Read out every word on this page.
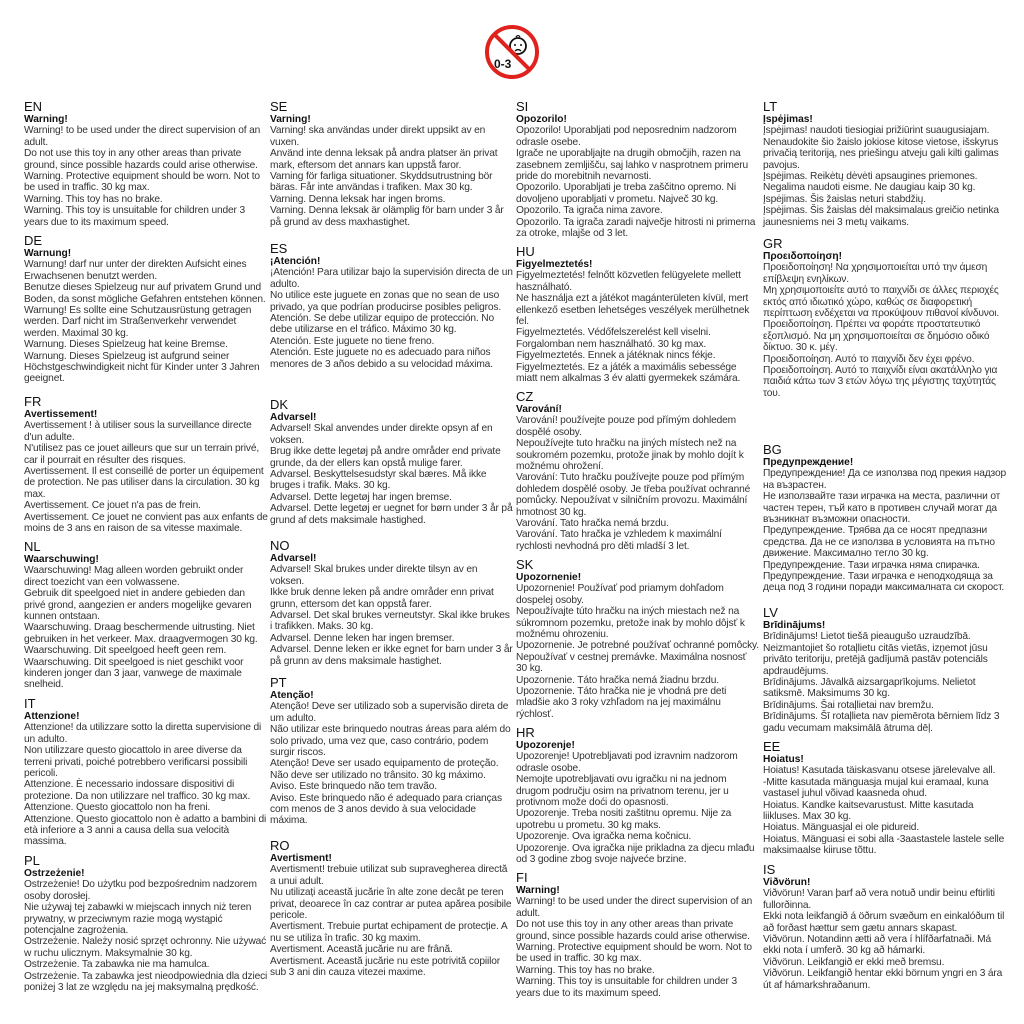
0-3
EN
Warning!

Warning! to be used under the direct supervision of an adult.

Do not use this toy in any other areas than private ground, since possible hazards could arise otherwise.

Warning. Protective equipment should be worn. Not to be used in traffic. 30 kg max.

Warning. This toy has no brake.

Warning. This toy is unsuitable for children under 3 years due to its maximum speed.

DE
Warnung!

Warnung! darf nur unter der direkten Aufsicht eines Erwachsenen benutzt werden.

Benutze dieses Spielzeug nur auf privatem Grund und Boden, da sonst mögliche Gefahren entstehen können.

Warnung! Es sollte eine Schutzausrüstung getragen werden. Darf nicht im Straßenverkehr verwendet werden. Maximal 30 kg.

Warnung. Dieses Spielzeug hat keine Bremse.

Warnung. Dieses Spielzeug ist aufgrund seiner Höchstgeschwindigkeit nicht für Kinder unter 3 Jahren geeignet.

FR
Avertissement!

Avertissement ! à utiliser sous la surveillance directe d'un adulte.

N'utilisez pas ce jouet ailleurs que sur un terrain privé, car il pourrait en résulter des risques.

Avertissement. Il est conseillé de porter un équipement de protection. Ne pas utiliser dans la circulation. 30 kg max.

Avertissement. Ce jouet n'a pas de frein.

Avertissement. Ce jouet ne convient pas aux enfants de moins de 3 ans en raison de sa vitesse maximale.

NL
Waarschuwing!

Waarschuwing! Mag alleen worden gebruikt onder direct toezicht van een volwassene.

Gebruik dit speelgoed niet in andere gebieden dan privé grond, aangezien er anders mogelijke gevaren kunnen ontstaan.

Waarschuwing. Draag beschermende uitrusting. Niet gebruiken in het verkeer. Max. draagvermogen 30 kg.

Waarschuwing. Dit speelgoed heeft geen rem.

Waarschuwing. Dit speelgoed is niet geschikt voor kinderen jonger dan 3 jaar, vanwege de maximale snelheid.

IT
Attenzione!

Attenzione! da utilizzare sotto la diretta supervisione di un adulto.

Non utilizzare questo giocattolo in aree diverse da terreni privati, poiché potrebbero verificarsi possibili pericoli.

Attenzione. È necessario indossare dispositivi di protezione. Da non utilizzare nel traffico. 30 kg max.

Attenzione. Questo giocattolo non ha freni.

Attenzione. Questo giocattolo non è adatto a bambini di età inferiore a 3 anni a causa della sua velocità massima.

PL
Ostrzeżenie!

Ostrzeżenie! Do użytku pod bezpośrednim nadzorem osoby dorosłej.

Nie używaj tej zabawki w miejscach innych niż teren prywatny, w przeciwnym razie mogą wystąpić potencjalne zagrożenia.

Ostrzeżenie. Należy nosić sprzęt ochronny. Nie używać w ruchu ulicznym. Maksymalnie 30 kg.

Ostrzeżenie. Ta zabawka nie ma hamulca.

Ostrzeżenie. Ta zabawka jest nieodpowiednia dla dzieci poniżej 3 lat ze względu na jej maksymalną prędkość.

SE
Varning!

Varning! ska användas under direkt uppsikt av en vuxen.

Använd inte denna leksak på andra platser än privat mark, eftersom det annars kan uppstå faror.

Varning för farliga situationer. Skyddsutrustning bör bäras. Får inte användas i trafiken. Max 30 kg.

Varning. Denna leksak har ingen broms.

Varning. Denna leksak är olämplig för barn under 3 år på grund av dess maxhastighet.

ES
¡Atención!

¡Atención! Para utilizar bajo la supervisión directa de un adulto.

No utilice este juguete en zonas que no sean de uso privado, ya que podrían producirse posibles peligros.

Atención. Se debe utilizar equipo de protección. No debe utilizarse en el tráfico. Máximo 30 kg.

Atención. Este juguete no tiene freno.

Atención. Este juguete no es adecuado para niños menores de 3 años debido a su velocidad máxima.

DK
Advarsel!

Advarsel! Skal anvendes under direkte opsyn af en voksen.

Brug ikke dette legetøj på andre områder end private grunde, da der ellers kan opstå mulige farer.

Advarsel. Beskyttelsesudstyr skal bæres. Må ikke bruges i trafik. Maks. 30 kg.

Advarsel. Dette legetøj har ingen bremse.

Advarsel. Dette legetøj er uegnet for børn under 3 år på grund af dets maksimale hastighed.

NO
Advarsel!

Advarsel! Skal brukes under direkte tilsyn av en voksen.

Ikke bruk denne leken på andre områder enn privat grunn, ettersom det kan oppstå farer.

Advarsel. Det skal brukes verneutstyr. Skal ikke brukes i trafikken. Maks. 30 kg.

Advarsel. Denne leken har ingen bremser.

Advarsel. Denne leken er ikke egnet for barn under 3 år på grunn av dens maksimale hastighet.

PT
Atenção!

Atenção! Deve ser utilizado sob a supervisão direta de um adulto.

Não utilizar este brinquedo noutras áreas para além do solo privado, uma vez que, caso contrário, podem surgir riscos.

Atenção! Deve ser usado equipamento de proteção. Não deve ser utilizado no trânsito. 30 kg máximo.

Aviso. Este brinquedo não tem travão.

Aviso. Este brinquedo não é adequado para crianças com menos de 3 anos devido à sua velocidade máxima.

RO
Avertisment!

Avertisment! trebuie utilizat sub supravegherea directă a unui adult.

Nu utilizați această jucărie în alte zone decât pe teren privat, deoarece în caz contrar ar putea apărea posibile pericole.

Avertisment. Trebuie purtat echipament de protecție. A nu se utiliza în trafic. 30 kg maxim.

Avertisment. Această jucărie nu are frână.

Avertisment. Această jucărie nu este potrivită copiilor sub 3 ani din cauza vitezei maxime.

SI
Opozorilo!

Opozorilo! Uporabljati pod neposrednim nadzorom odrasle osebe.

Igrače ne uporabljajte na drugih območjih, razen na zasebnem zemljišču, saj lahko v nasprotnem primeru pride do morebitnih nevarnosti.

Opozorilo. Uporabljati je treba zaščitno opremo. Ni dovoljeno uporabljati v prometu. Največ 30 kg.

Opozorilo. Ta igrača nima zavore.

Opozorilo. Ta igrača zaradi največje hitrosti ni primerna za otroke, mlajše od 3 let.

HU
Figyelmeztetés!

Figyelmeztetés! felnőtt közvetlen felügyelete mellett használható.

Ne használja ezt a játékot magánterületen kívül, mert ellenkező esetben lehetséges veszélyek merülhetnek fel.

Figyelmeztetés. Védőfelszerelést kell viselni. Forgalomban nem használható. 30 kg max.

Figyelmeztetés. Ennek a játéknak nincs fékje.

Figyelmeztetés. Ez a játék a maximális sebessége miatt nem alkalmas 3 év alatti gyermekek számára.

CZ
Varování!

Varování! používejte pouze pod přímým dohledem dospělé osoby.

Nepoužívejte tuto hračku na jiných místech než na soukromém pozemku, protože jinak by mohlo dojít k možnému ohrožení.

Varování: Tuto hračku používejte pouze pod přímým dohledem dospělé osoby. Je třeba používat ochranné pomůcky. Nepoužívat v silničním provozu. Maximální hmotnost 30 kg.

Varování. Tato hračka nemá brzdu.

Varování. Tato hračka je vzhledem k maximální rychlosti nevhodná pro děti mladší 3 let.

SK
Upozornenie!

Upozornenie! Používať pod priamym dohľadom dospelej osoby.

Nepoužívajte túto hračku na iných miestach než na súkromnom pozemku, pretože inak by mohlo dôjsť k možnému ohrozeniu.

Upozornenie. Je potrebné používať ochranné pomôcky. Nepoužívať v cestnej premávke. Maximálna nosnosť 30 kg.

Upozornenie. Táto hračka nemá žiadnu brzdu.

Upozornenie. Táto hračka nie je vhodná pre deti mladšie ako 3 roky vzhľadom na jej maximálnu rýchlosť.

HR
Upozorenje!

Upozorenje! Upotrebljavati pod izravnim nadzorom odrasle osobe.

Nemojte upotrebljavati ovu igračku ni na jednom drugom području osim na privatnom terenu, jer u protivnom može doći do opasnosti.

Upozorenje. Treba nositi zaštitnu opremu. Nije za upotrebu u prometu. 30 kg maks.

Upozorenje. Ova igračka nema kočnicu.

Upozorenje. Ova igračka nije prikladna za djecu mlađu od 3 godine zbog svoje najveće brzine.

FI
Warning!

Warning! to be used under the direct supervision of an adult.

Do not use this toy in any other areas than private ground, since possible hazards could arise otherwise.

Warning. Protective equipment should be worn. Not to be used in traffic. 30 kg max.

Warning. This toy has no brake.

Warning. This toy is unsuitable for children under 3 years due to its maximum speed.

LT
Įspėjimas!

Įspėjimas! naudoti tiesiogiai prižiūrint suaugusiajam.

Nenaudokite šio žaislo jokiose kitose vietose, išskyrus privačią teritoriją, nes priešingu atveju gali kilti galimas pavojus.

Įspėjimas. Reikėtų dėvėti apsaugines priemones. Negalima naudoti eisme. Ne daugiau kaip 30 kg.

Įspėjimas. Šis žaislas neturi stabdžių.

Įspėjimas. Šis žaislas dėl maksimalaus greičio netinka jaunesniems nei 3 metų vaikams.

GR
Προειδοποίηση!

Προειδοποίηση! Να χρησιμοποιείται υπό την άμεση επίβλεψη ενηλίκων.

Μη χρησιμοποιείτε αυτό το παιχνίδι σε άλλες περιοχές εκτός από ιδιωτικό χώρο, καθώς σε διαφορετική περίπτωση ενδέχεται να προκύψουν πιθανοί κίνδυνοι.

Προειδοποίηση. Πρέπει να φοράτε προστατευτικό εξοπλισμό. Να μη χρησιμοποιείται σε δημόσιο οδικό δίκτυο. 30 κ. μέγ.

Προειδοποίηση. Αυτό το παιχνίδι δεν έχει φρένο.

Προειδοποίηση. Αυτό το παιχνίδι είναι ακατάλληλο για παιδιά κάτω των 3 ετών λόγω της μέγιστης ταχύτητάς του.

BG
Предупреждение!

Предупреждение! Да се използва под прекия надзор на възрастен.

Не използвайте тази играчка на места, различни от частен терен, тъй като в противен случай могат да възникнат възможни опасности.

Предупреждение. Трябва да се носят предпазни средства. Да не се използва в условията на пътно движение. Максимално тегло 30 kg.

Предупреждение. Тази играчка няма спирачка.

Предупреждение. Тази играчка е неподходяща за деца под 3 години поради максималната си скорост.

LV
Brīdinājums!

Brīdinājums! Lietot tiešā pieaugušo uzraudzībā.

Neizmantojiet šo rotaļlietu citās vietās, izņemot jūsu privāto teritoriju, pretējā gadījumā pastāv potenciāls apdraudējums.

Brīdinājums. Jāvalkā aizsargaprīkojums. Nelietot satiksmē. Maksimums 30 kg.

Brīdinājums. Šai rotaļlietai nav bremžu.

Brīdinājums. Šī rotaļlieta nav piemērota bērniem līdz 3 gadu vecumam maksimālā ātruma dēļ.

EE
Hoiatus!

Hoiatus! Kasutada täiskasvanu otsese järelevalve all.

-Mitte kasutada mänguasja mujal kui eramaal, kuna vastasel juhul võivad kaasneda ohud.

Hoiatus. Kandke kaitsevarustust. Mitte kasutada liikluses. Max 30 kg.

Hoiatus. Mänguasjal ei ole pidureid.

Hoiatus. Mänguasi ei sobi alla -3aastastele lastele selle maksimaalse kiiruse tõttu.

IS
Viðvörun!

Viðvörun! Varan þarf að vera notuð undir beinu eftirliti fullorðinna.

Ekki nota leikfangið á öðrum svæðum en einkalóðum til að forðast hættur sem gætu annars skapast.

Viðvörun. Notandinn ætti að vera í hlífðarfatnaði. Má ekki nota í umferð. 30 kg að hámarki.

Viðvörun. Leikfangið er ekki með bremsu.

Viðvörun. Leikfangið hentar ekki börnum yngri en 3 ára út af hámarkshraðanum.
